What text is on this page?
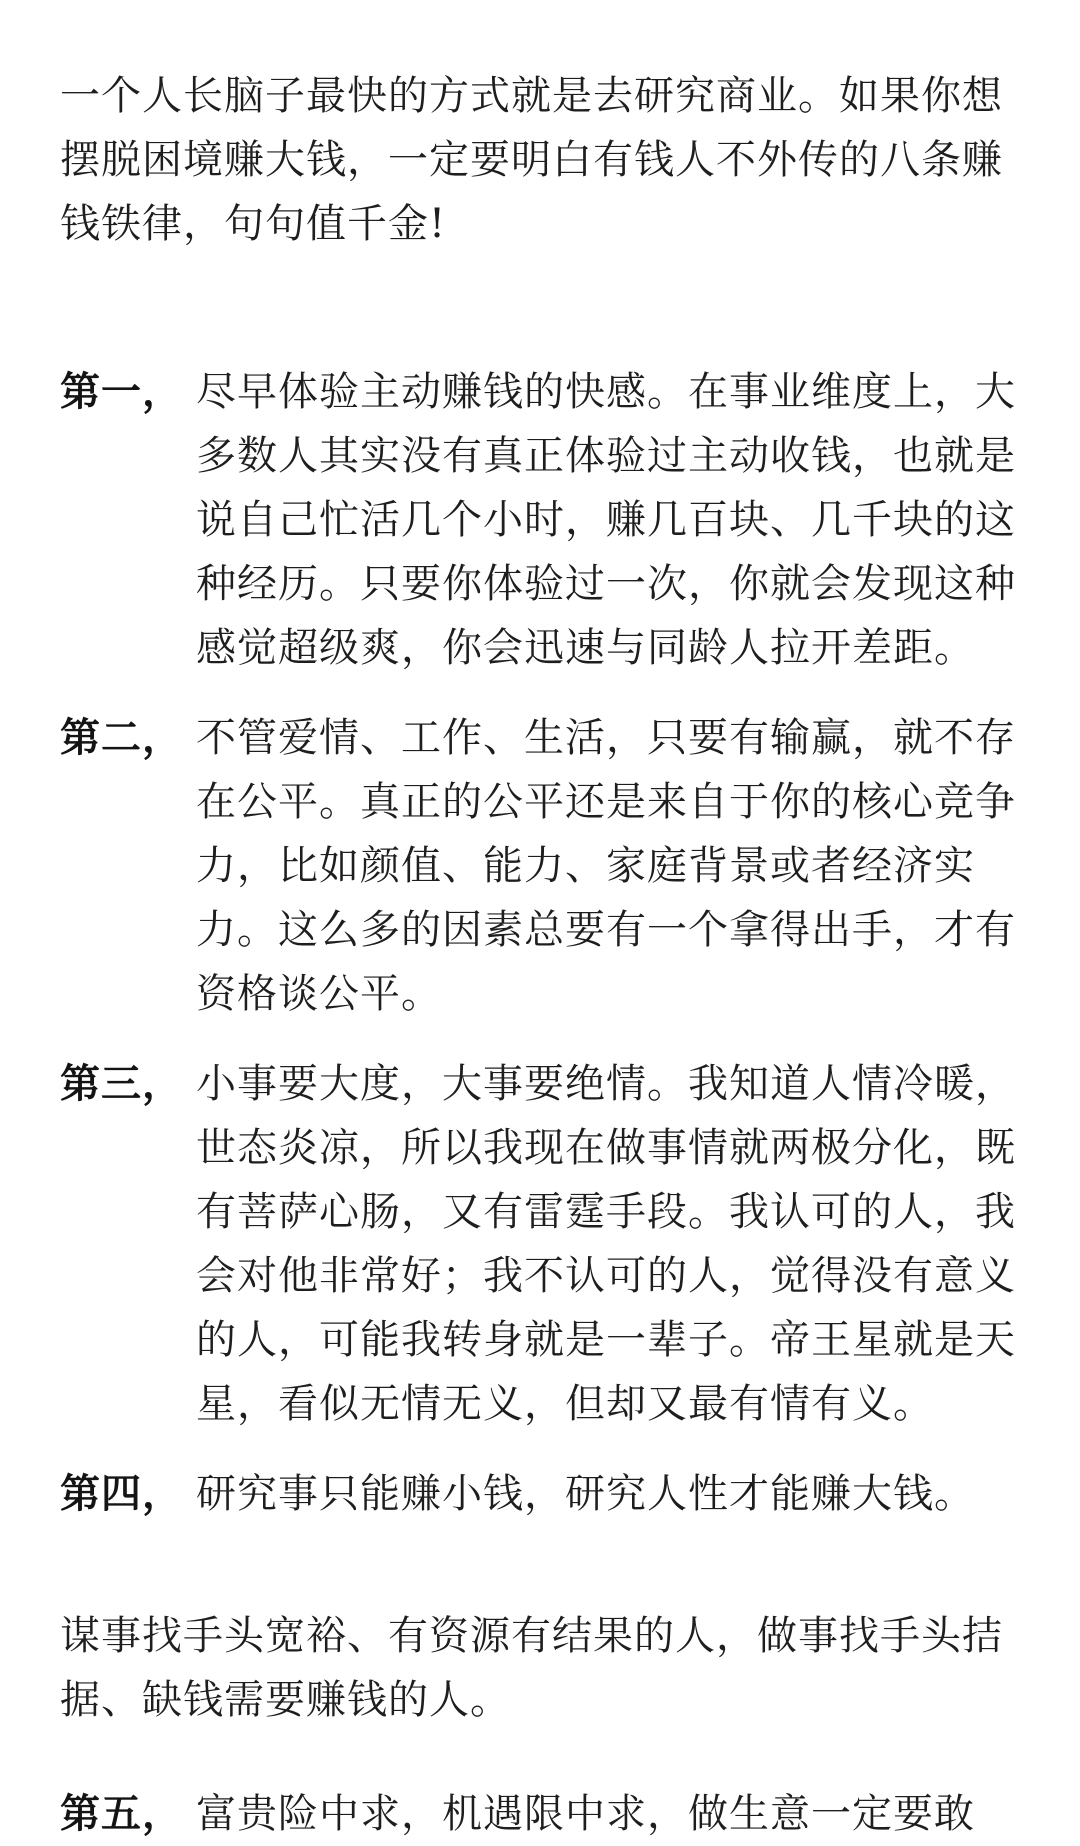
一个人长脑子最快的方式就是去研究商业。如果你想摆脱困境赚大钱，一定要明白有钱人不外传的八条赚钱铁律，句句值千金!

第一， 尽早体验主动赚钱的快感。在事业维度上，大多数人其实没有真正体验过主动收钱，也就是说自己忙活几个小时，赚几百块、几千块的这种经历。只要你体验过一次，你就会发现这种感觉超级爽，你会迅速与同龄人拉开差距。
第二， 不管爱情、工作、生活，只要有输赢，就不存在公平。真正的公平还是来自于你的核心竞争力，比如颜值、能力、家庭背景或者经济实力。这么多的因素总要有一个拿得出手，才有资格谈公平。
第三， 小事要大度，大事要绝情。我知道人情冷暖，世态炎凉，所以我现在做事情就两极分化，既有菩萨心肠，又有雷霆手段。我认可的人，我会对他非常好；我不认可的人，觉得没有意义的人，可能我转身就是一辈子。帝王星就是天星，看似无情无义，但却又最有情有义。
第四， 研究事只能赚小钱，研究人性才能赚大钱。

谋事找手头宽裕、有资源有结果的人，做事找手头拮据、缺钱需要赚钱的人。

第五， 富贵险中求，机遇限中求，做生意一定要敢
